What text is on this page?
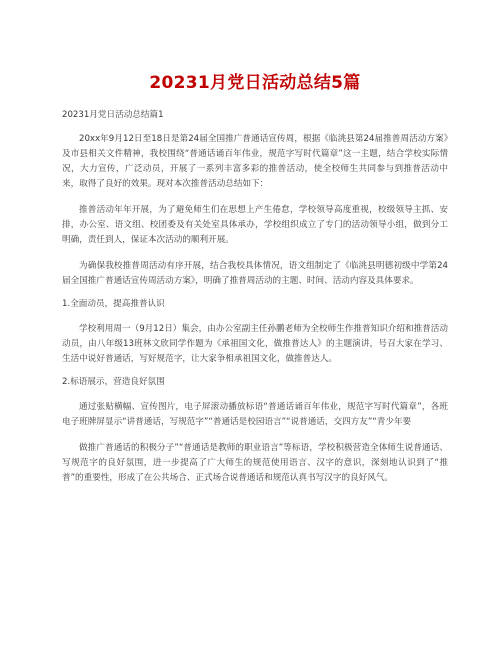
20231月党日活动总结5篇
20231月党日活动总结篇1

20xx年9月12日至18日是第24届全国推广普通话宣传周，根据《临洮县第24届推普周活动方案》及市县相关文件精神，我校围绕“普通话诵百年伟业，规范字写时代篇章”这一主题，结合学校实际情况，大力宣传，广泛动员，开展了一系列丰富多彩的推普活动，使全校师生共同参与到推普活动中来，取得了良好的效果。现对本次推普活动总结如下：

推普活动年年开展，为了避免师生们在思想上产生倦怠，学校领导高度重视，校级领导主抓、安排，办公室、语文组、校团委及有关处室具体承办，学校组织成立了专门的活动领导小组，做到分工明确，责任到人，保证本次活动的顺利开展。

为确保我校推普周活动有序开展，结合我校具体情况，语文组制定了《临洮县明德初级中学第24届全国推广普通话宣传周活动方案》，明确了推普周活动的主题、时间、活动内容及具体要求。

1.全面动员，提高推普认识

学校利用周一（9月12日）集会，由办公室副主任孙鹏老师为全校师生作推普知识介绍和推普活动动员，由八年级13班林文欣同学作题为《承祖国文化，做推普达人》的主题演讲，号召大家在学习、生活中说好普通话，写好规范字，让大家争相承祖国文化，做推普达人。

2.标语展示，营造良好氛围

通过张贴横幅、宣传图片，电子屏滚动播放标语“普通话诵百年伟业，规范字写时代篇章”，各班电子班牌屏显示“讲普通话，写规范字”“普通话是校园语言”“说普通话，交四方友”“青少年要

做推广普通话的积极分子”“普通话是教师的职业语言”等标语，学校积极营造全体师生说普通话、写规范字的良好氛围，进一步提高了广大师生的规范使用语言、汉字的意识，深刻地认识到了“推普”的重要性，形成了在公共场合、正式场合说普通话和规范认真书写汉字的良好风气。
